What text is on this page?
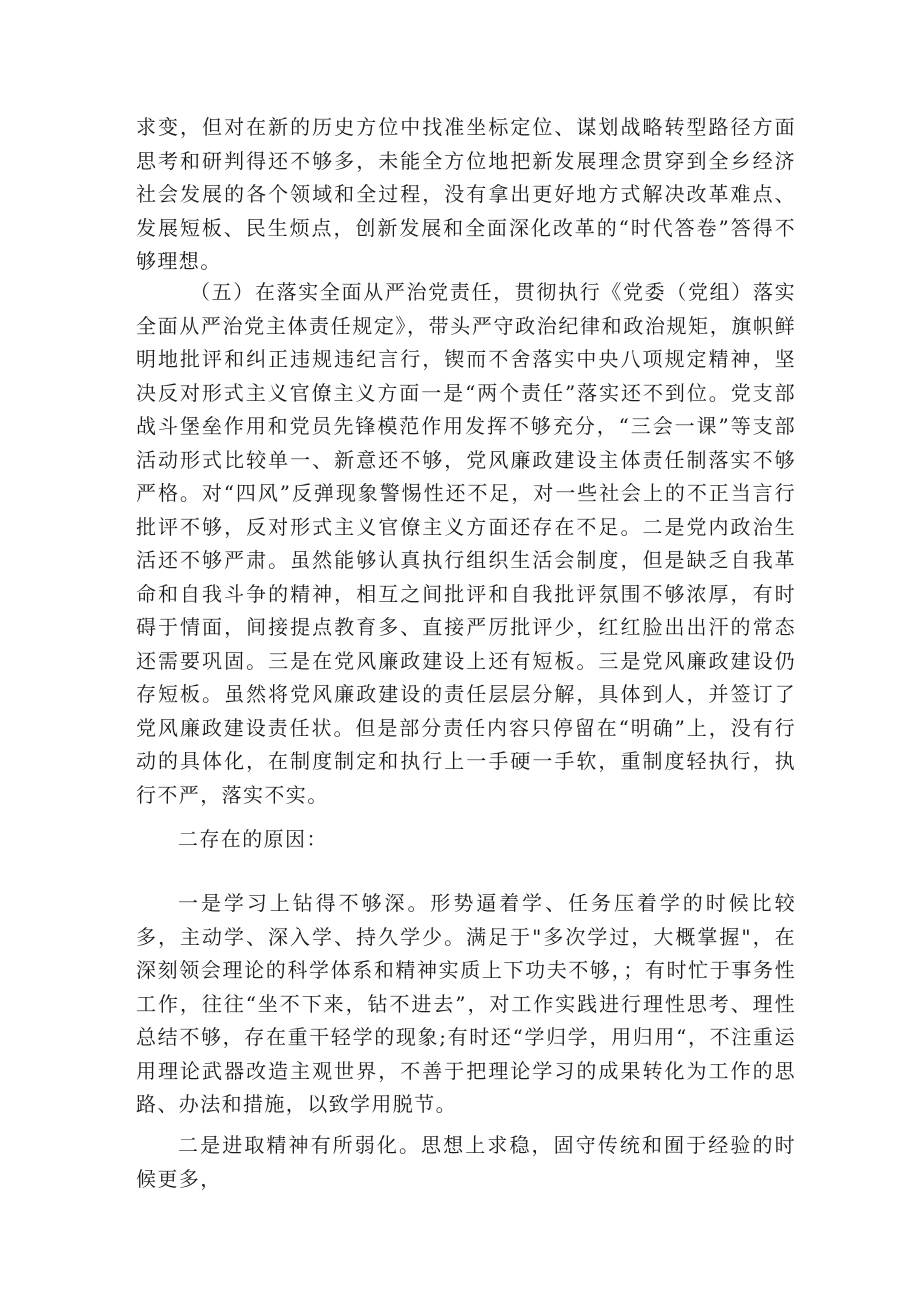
求变，但对在新的历史方位中找准坐标定位、谋划战略转型路径方面思考和研判得还不够多，未能全方位地把新发展理念贯穿到全乡经济社会发展的各个领域和全过程，没有拿出更好地方式解决改革难点、发展短板、民生烦点，创新发展和全面深化改革的“时代答卷”答得不够理想。

（五）在落实全面从严治党责任，贯彻执行《党委（党组）落实全面从严治党主体责任规定》，带头严守政治纪律和政治规矩，旗帜鲜明地批评和纠正违规违纪言行，锲而不舍落实中央八项规定精神，坚决反对形式主义官僚主义方面一是“两个责任”落实还不到位。党支部战斗堡垒作用和党员先锋模范作用发挥不够充分，“三会一课”等支部活动形式比较单一、新意还不够，党风廉政建设主体责任制落实不够严格。对“四风”反弹现象警惕性还不足，对一些社会上的不正当言行批评不够，反对形式主义官僚主义方面还存在不足。二是党内政治生活还不够严肃。虽然能够认真执行组织生活会制度，但是缺乏自我革命和自我斗争的精神，相互之间批评和自我批评氛围不够浓厚，有时碍于情面，间接提点教育多、直接严厉批评少，红红脸出出汗的常态还需要巩固。三是在党风廉政建设上还有短板。三是党风廉政建设仍存短板。虽然将党风廉政建设的责任层层分解，具体到人，并签订了党风廉政建设责任状。但是部分责任内容只停留在“明确”上，没有行动的具体化，在制度制定和执行上一手硬一手软，重制度轻执行，执行不严，落实不实。

二存在的原因：

一是学习上钻得不够深。形势逼着学、任务压着学的时候比较多，主动学、深入学、持久学少。满足于"多次学过，大概掌握"，在深刻领会理论的科学体系和精神实质上下功夫不够，；有时忙于事务性工作，往往“坐不下来，钻不进去”，对工作实践进行理性思考、理性总结不够，存在重干轻学的现象;有时还“学归学，用归用“，不注重运用理论武器改造主观世界，不善于把理论学习的成果转化为工作的思路、办法和措施，以致学用脱节。

二是进取精神有所弱化。思想上求稳，固守传统和囿于经验的时候更多，
